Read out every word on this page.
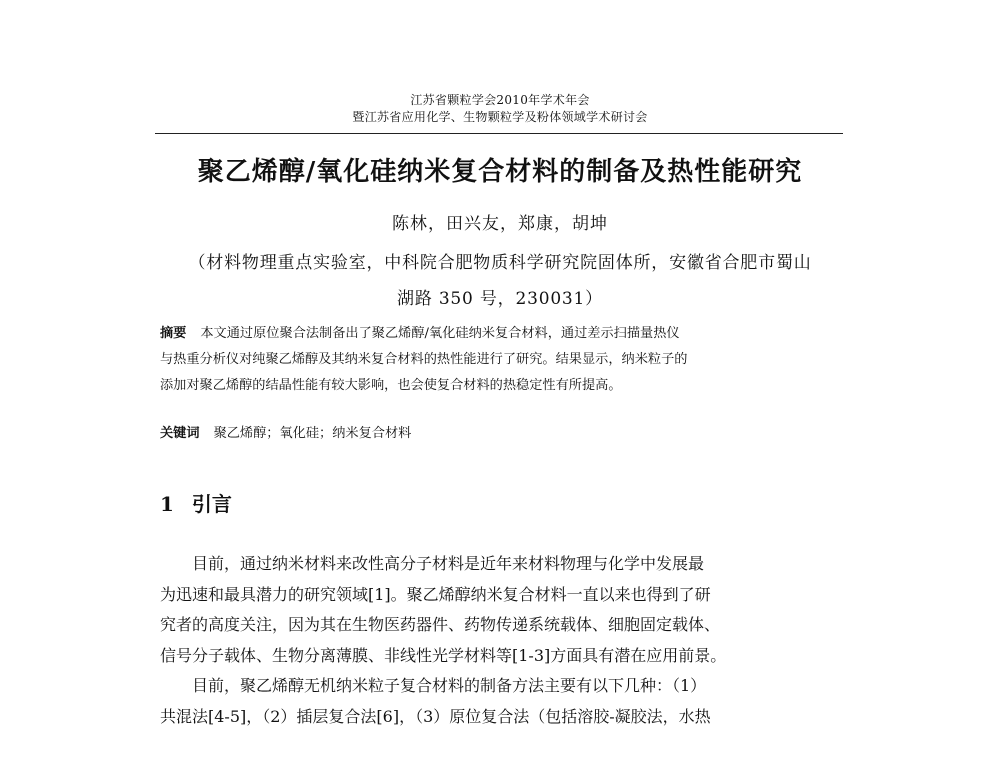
江苏省颗粒学会2010年学术年会
暨江苏省应用化学、生物颗粒学及粉体领域学术研讨会
聚乙烯醇/氧化硅纳米复合材料的制备及热性能研究
陈林，田兴友，郑康，胡坤
（材料物理重点实验室，中科院合肥物质科学研究院固体所，安徽省合肥市蜀山
湖路 350 号，230031）
摘要 本文通过原位聚合法制备出了聚乙烯醇/氧化硅纳米复合材料，通过差示扫描量热仪
与热重分析仪对纯聚乙烯醇及其纳米复合材料的热性能进行了研究。结果显示，纳米粒子的
添加对聚乙烯醇的结晶性能有较大影响，也会使复合材料的热稳定性有所提高。
关键词 聚乙烯醇；氧化硅；纳米复合材料
1 引言
目前，通过纳米材料来改性高分子材料是近年来材料物理与化学中发展最
为迅速和最具潜力的研究领域[1]。聚乙烯醇纳米复合材料一直以来也得到了研
究者的高度关注，因为其在生物医药器件、药物传递系统载体、细胞固定载体、
信号分子载体、生物分离薄膜、非线性光学材料等[1-3]方面具有潜在应用前景。
目前，聚乙烯醇无机纳米粒子复合材料的制备方法主要有以下几种：（1）
共混法[4-5]，（2）插层复合法[6]，（3）原位复合法（包括溶胶-凝胶法，水热
